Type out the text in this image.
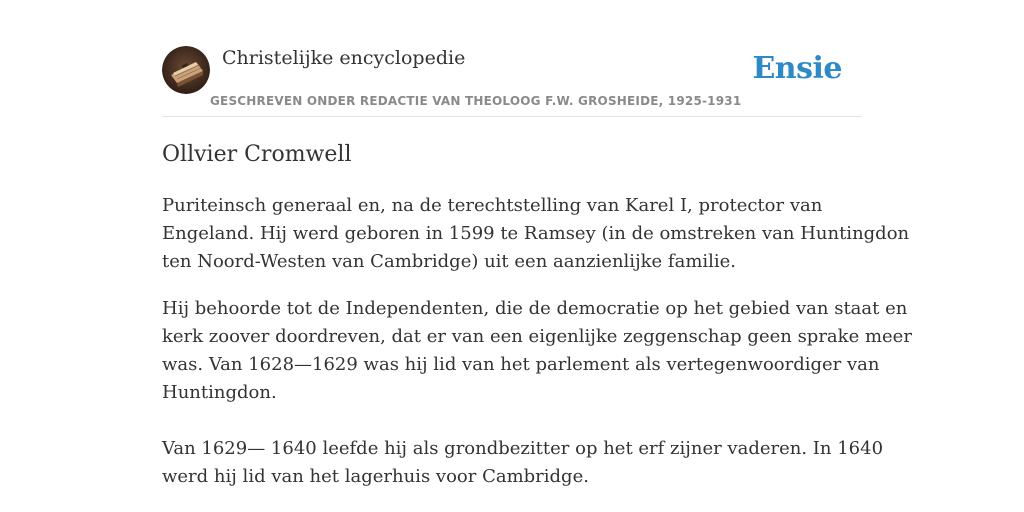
Christelijke encyclopedie
GESCHREVEN ONDER REDACTIE VAN THEOLOOG F.W. GROSHEIDE, 1925-1931
Ensie
Ollvier Cromwell

Puriteinsch generaal en, na de terechtstelling van Karel I, protector van
Engeland. Hij werd geboren in 1599 te Ramsey (in de omstreken van Huntingdon
ten Noord-Westen van Cambridge) uit een aanzienlijke familie.

Hij behoorde tot de Independenten, die de democratie op het gebied van staat en
kerk zoover doordreven, dat er van een eigenlijke zeggenschap geen sprake meer
was. Van 1628—1629 was hij lid van het parlement als vertegenwoordiger van
Huntingdon.

Van 1629— 1640 leefde hij als grondbezitter op het erf zijner vaderen. In 1640
werd hij lid van het lagerhuis voor Cambridge.
